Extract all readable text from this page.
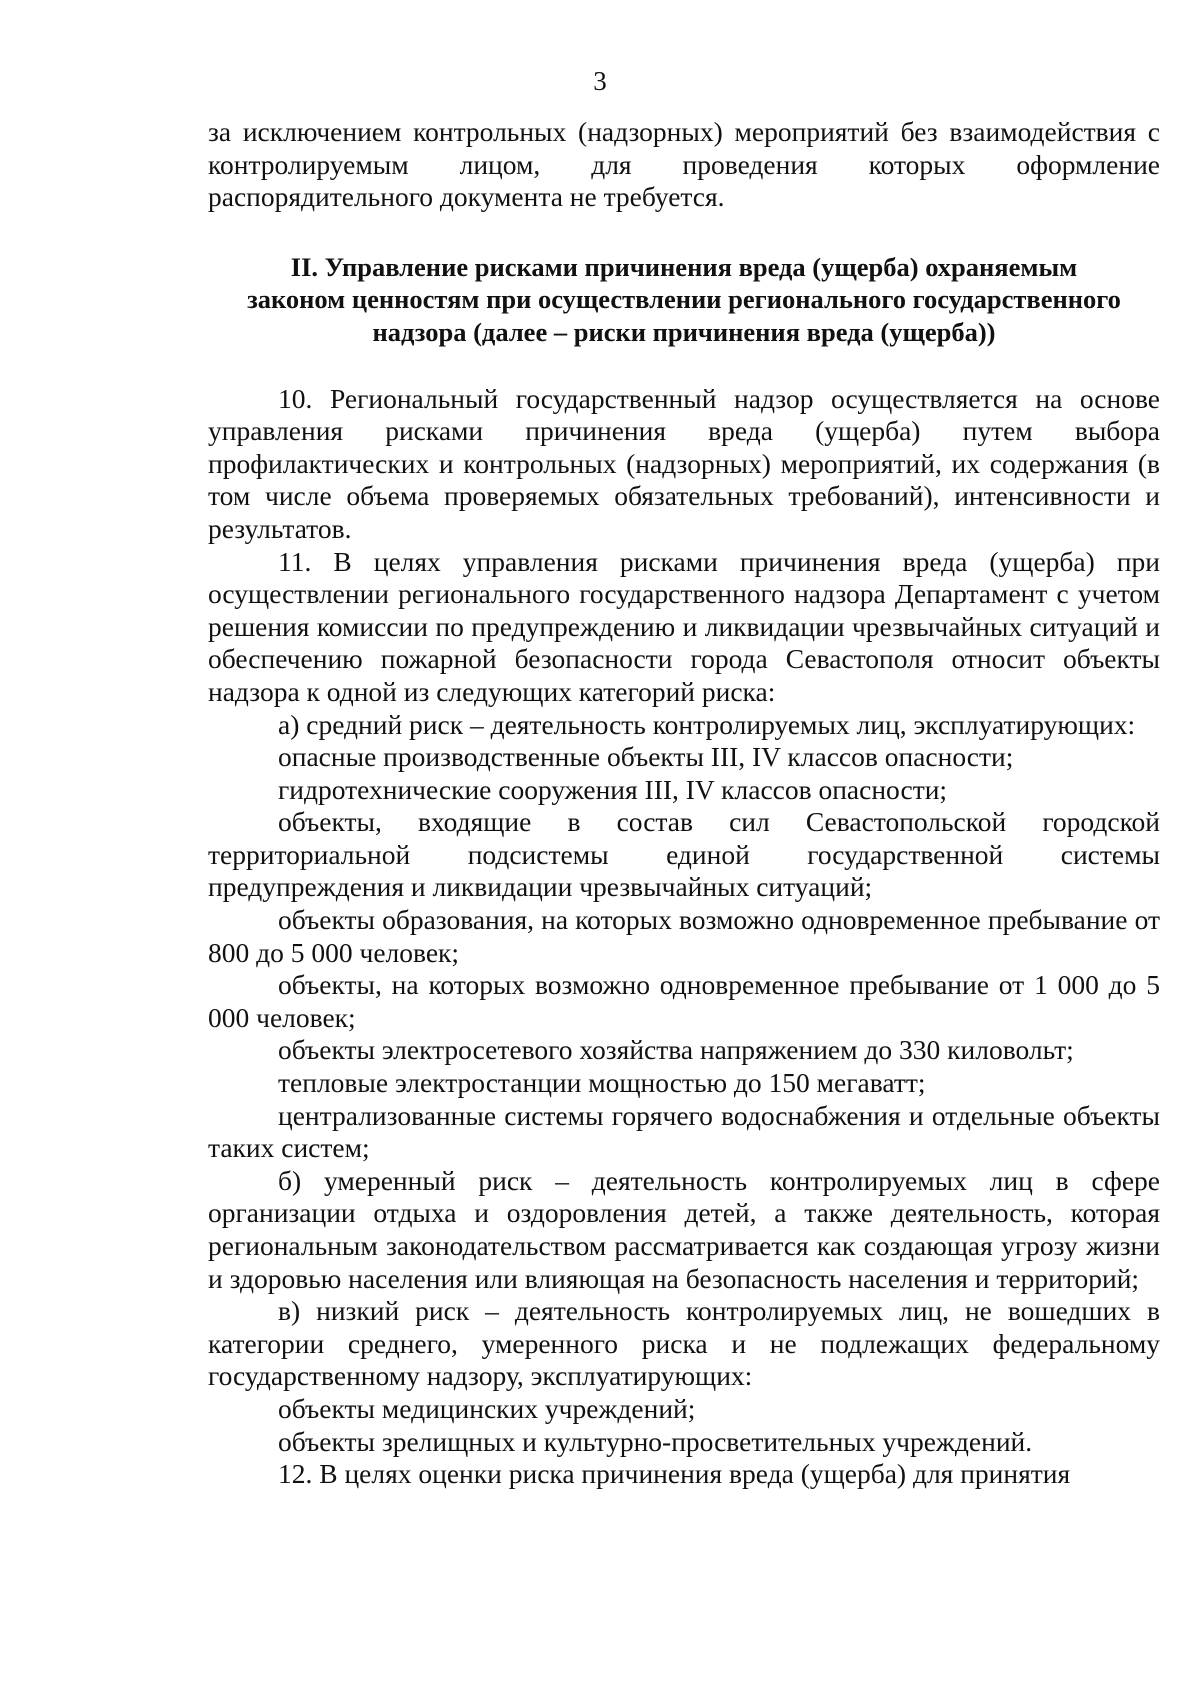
3

за исключением контрольных (надзорных) мероприятий без взаимодействия с контролируемым лицом, для проведения которых оформление распорядительного документа не требуется.

II. Управление рисками причинения вреда (ущерба) охраняемым
законом ценностям при осуществлении регионального государственного
надзора (далее – риски причинения вреда (ущерба))

10. Региональный государственный надзор осуществляется на основе управления рисками причинения вреда (ущерба) путем выбора профилактических и контрольных (надзорных) мероприятий, их содержания (в том числе объема проверяемых обязательных требований), интенсивности и результатов.

11. В целях управления рисками причинения вреда (ущерба) при осуществлении регионального государственного надзора Департамент с учетом решения комиссии по предупреждению и ликвидации чрезвычайных ситуаций и обеспечению пожарной безопасности города Севастополя относит объекты надзора к одной из следующих категорий риска:

а) средний риск – деятельность контролируемых лиц, эксплуатирующих:

опасные производственные объекты III, IV классов опасности;

гидротехнические сооружения III, IV классов опасности;

объекты, входящие в состав сил Севастопольской городской территориальной подсистемы единой государственной системы предупреждения и ликвидации чрезвычайных ситуаций;

объекты образования, на которых возможно одновременное пребывание от 800 до 5 000 человек;

объекты, на которых возможно одновременное пребывание от 1 000 до 5 000 человек;

объекты электросетевого хозяйства напряжением до 330 киловольт;

тепловые электростанции мощностью до 150 мегаватт;

централизованные системы горячего водоснабжения и отдельные объекты таких систем;

б) умеренный риск – деятельность контролируемых лиц в сфере организации отдыха и оздоровления детей, а также деятельность, которая региональным законодательством рассматривается как создающая угрозу жизни и здоровью населения или влияющая на безопасность населения и территорий;

в) низкий риск – деятельность контролируемых лиц, не вошедших в категории среднего, умеренного риска и не подлежащих федеральному государственному надзору, эксплуатирующих:

объекты медицинских учреждений;

объекты зрелищных и культурно-просветительных учреждений.

12. В целях оценки риска причинения вреда (ущерба) для принятия
